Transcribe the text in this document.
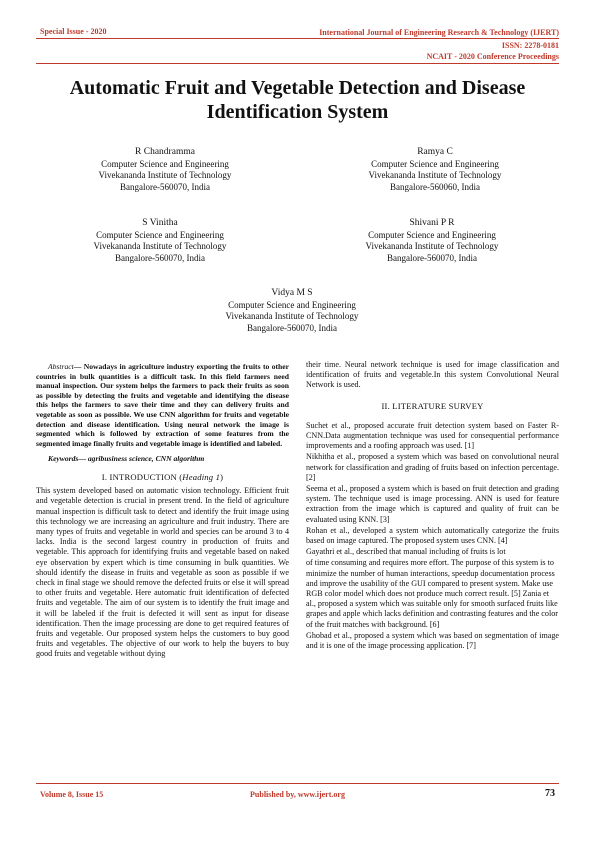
Special Issue - 2020	International Journal of Engineering Research & Technology (IJERT)
ISSN: 2278-0181
NCAIT - 2020 Conference Proceedings
Automatic Fruit and Vegetable Detection and Disease Identification System
R Chandramma
Computer Science and Engineering
Vivekananda Institute of Technology
Bangalore-560070, India
Ramya C
Computer Science and Engineering
Vivekananda Institute of Technology
Bangalore-560060, India
S Vinitha
Computer Science and Engineering
Vivekananda Institute of Technology
Bangalore-560070, India
Shivani P R
Computer Science and Engineering
Vivekananda Institute of Technology
Bangalore-560070, India
Vidya M S
Computer Science and Engineering
Vivekananda Institute of Technology
Bangalore-560070, India

Abstract— Nowadays in agriculture industry exporting the fruits to other countries in bulk quantities is a difficult task. In this field farmers need manual inspection. Our system helps the farmers to pack their fruits as soon as possible by detecting the fruits and vegetable and identifying the disease this helps the farmers to save their time and they can delivery fruits and vegetable as soon as possible. We use CNN algorithm for fruits and vegetable detection and disease identification. Using neural network the image is segmented which is followed by extraction of some features from the segmented image finally fruits and vegetable image is identified and labeled.

Keywords— agribusiness science, CNN algorithm

I. INTRODUCTION (Heading 1)

This system developed based on automatic vision technology. Efficient fruit and vegetable detection is crucial in present trend. In the field of agriculture manual inspection is difficult task to detect and identify the fruit image using this technology we are increasing an agriculture and fruit industry. There are many types of fruits and vegetable in world and species can be around 3 to 4 lacks. India is the second largest country in production of fruits and vegetable. This approach for identifying fruits and vegetable based on naked eye observation by expert which is time consuming in bulk quantities. We should identify the disease in fruits and vegetable as soon as possible if we check in final stage we should remove the defected fruits or else it will spread to other fruits and vegetable. Here automatic fruit identification of defected fruits and vegetable. The aim of our system is to identify the fruit image and it will be labeled if the fruit is defected it will sent as input for disease identification. Then the image processing are done to get required features of fruits and vegetable. Our proposed system helps the customers to buy good fruits and vegetables. The objective of our work to help the buyers to buy good fruits and vegetable without dying

their time. Neural network technique is used for image classification and identification of fruits and vegetable.In this system Convolutional Neural Network is used.

II. LITERATURE SURVEY

Suchet et al., proposed accurate fruit detection system based on Faster R-CNN.Data augmentation technique was used for consequential performance improvements and a roofing approach was used. [1]

Nikhitha et al., proposed a system which was based on convolutional neural network for classification and grading of fruits based on infection percentage. [2]

Seema et al., proposed a system which is based on fruit detection and grading system. The technique used is image processing. ANN is used for feature extraction from the image which is captured and quality of fruit can be evaluated using KNN. [3]

Rohan et al., developed a system which automatically categorize the fruits based on image captured. The proposed system uses CNN. [4]

Gayathri et al., described that manual including of fruits is lot

of time consuming and requires more effort. The purpose of this system is to minimize the number of human interactions, speedup documentation process and improve the usability of the GUI compared to present system. Make use RGB color model which does not produce much correct result. [5] Zania et al., proposed a system which was suitable only for smooth surfaced fruits like grapes and apple which lacks definition and contrasting features and the color of the fruit matches with background. [6]

Ghobad et al., proposed a system which was based on segmentation of image and it is one of the image processing application. [7]

Volume 8, Issue 15	Published by, www.ijert.org	73
